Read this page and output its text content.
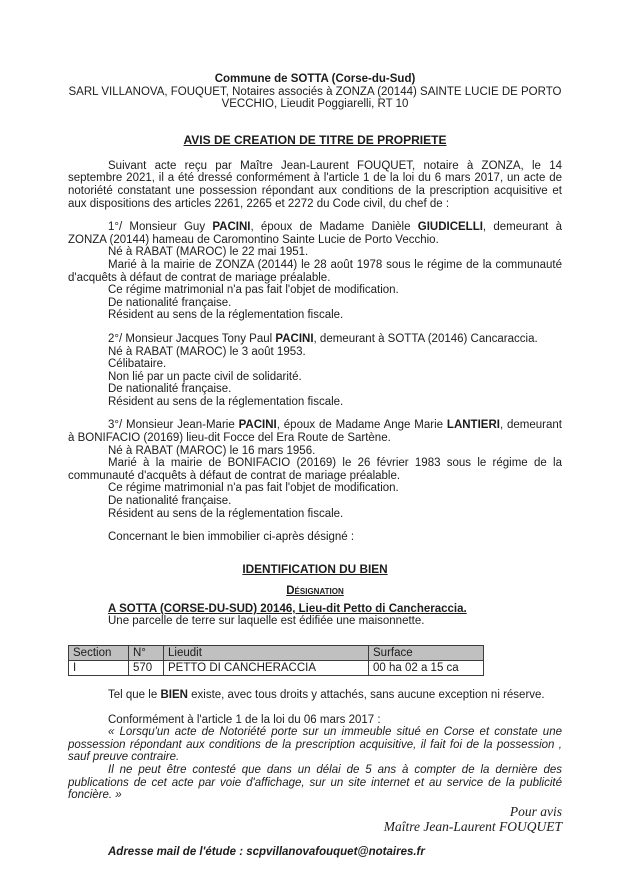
Commune de SOTTA (Corse-du-Sud)

SARL VILLANOVA, FOUQUET, Notaires associés à ZONZA (20144) SAINTE LUCIE DE PORTO

VECCHIO, Lieudit Poggiarelli, RT 10

AVIS DE CREATION DE TITRE DE PROPRIETE

Suivant acte reçu par Maître Jean-Laurent FOUQUET, notaire à ZONZA, le 14 septembre 2021, il a été dressé conformément à l'article 1 de la loi du 6 mars 2017, un acte de notoriété constatant une possession répondant aux conditions de la prescription acquisitive et aux dispositions des articles 2261, 2265 et 2272 du Code civil, du chef de :

1°/ Monsieur Guy PACINI, époux de Madame Danièle GIUDICELLI, demeurant à ZONZA (20144) hameau de Caromontino Sainte Lucie de Porto Vecchio.

Né à RABAT (MAROC) le 22 mai 1951.

Marié à la mairie de ZONZA (20144) le 28 août 1978 sous le régime de la communauté d'acquêts à défaut de contrat de mariage préalable.

Ce régime matrimonial n'a pas fait l'objet de modification.

De nationalité française.

Résident au sens de la réglementation fiscale.

2°/ Monsieur Jacques Tony Paul PACINI, demeurant à SOTTA (20146) Cancaraccia.

Né à RABAT (MAROC) le 3 août 1953.

Célibataire.

Non lié par un pacte civil de solidarité.

De nationalité française.

Résident au sens de la réglementation fiscale.

3°/ Monsieur Jean-Marie PACINI, époux de Madame Ange Marie LANTIERI, demeurant à BONIFACIO (20169) lieu-dit Focce del Era Route de Sartène.

Né à RABAT (MAROC) le 16 mars 1956.

Marié à la mairie de BONIFACIO (20169) le 26 février 1983 sous le régime de la communauté d'acquêts à défaut de contrat de mariage préalable.

Ce régime matrimonial n'a pas fait l'objet de modification.

De nationalité française.

Résident au sens de la réglementation fiscale.

Concernant le bien immobilier ci-après désigné :

IDENTIFICATION DU BIEN

Désignation

A SOTTA (CORSE-DU-SUD) 20146, Lieu-dit Petto di Cancheraccia.

Une parcelle de terre sur laquelle est édifiée une maisonnette.

Section	N°	Lieudit	Surface
I	570	PETTO DI CANCHERACCIA	00 ha 02 a 15 ca

Tel que le BIEN existe, avec tous droits y attachés, sans aucune exception ni réserve.

Conformément à l'article 1 de la loi du 06 mars 2017 :

« Lorsqu'un acte de Notoriété porte sur un immeuble situé en Corse et constate une possession répondant aux conditions de la prescription acquisitive, il fait foi de la possession , sauf preuve contraire.

Il ne peut être contesté que dans un délai de 5 ans à compter de la dernière des publications de cet acte par voie d'affichage, sur un site internet et au service de la publicité foncière. »

Pour avis

Maître Jean-Laurent FOUQUET

Adresse mail de l'étude : scpvillanovafouquet@notaires.fr
